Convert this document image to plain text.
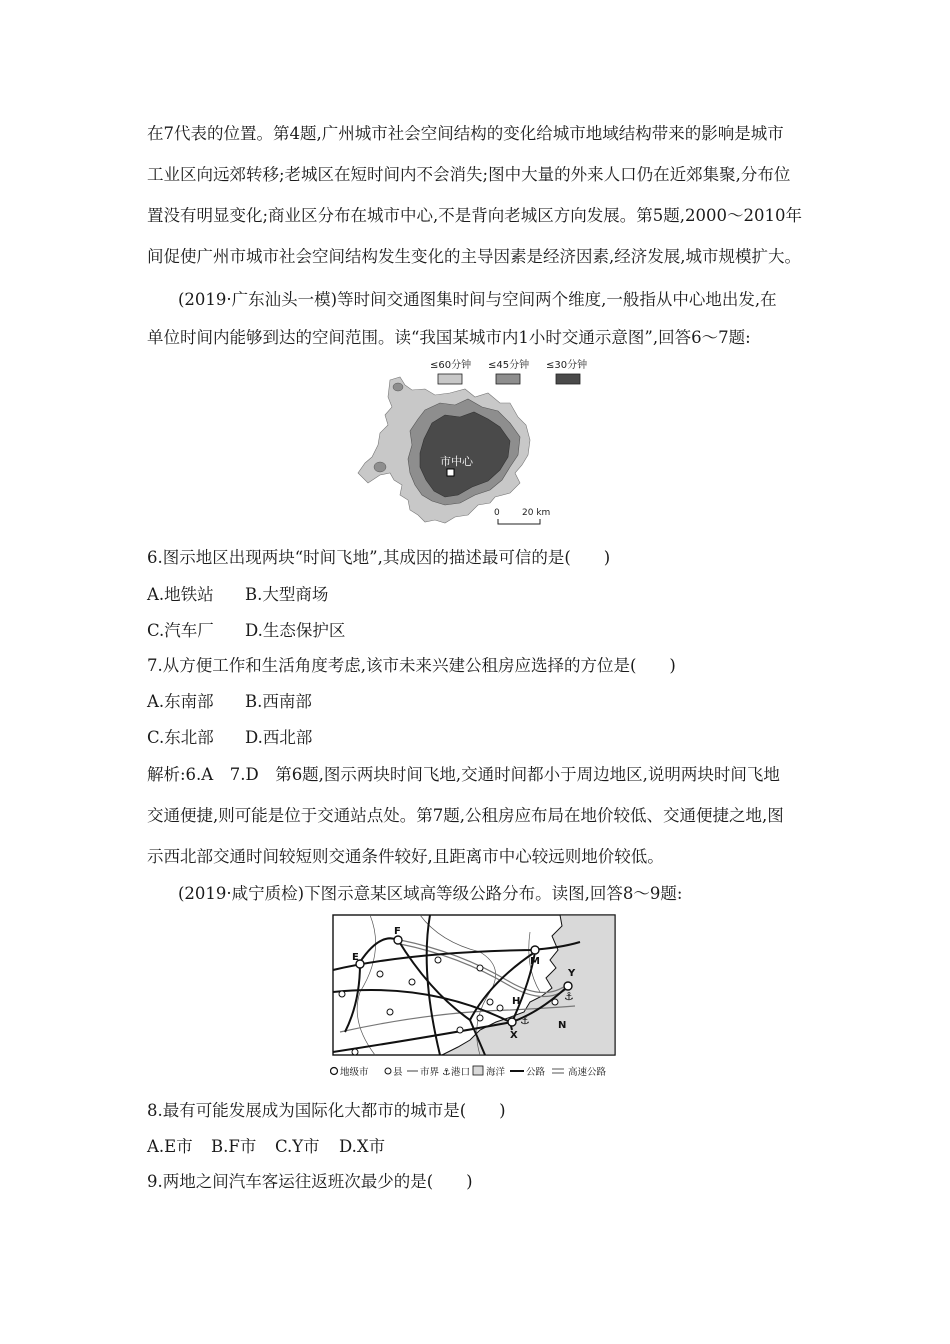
在7代表的位置。第4题,广州城市社会空间结构的变化给城市地域结构带来的影响是城市

工业区向远郊转移;老城区在短时间内不会消失;图中大量的外来人口仍在近郊集聚,分布位

置没有明显变化;商业区分布在城市中心,不是背向老城区方向发展。第5题,2000～2010年

间促使广州市城市社会空间结构发生变化的主导因素是经济因素,经济发展,城市规模扩大。

(2019·广东汕头一模)等时间交通图集时间与空间两个维度,一般指从中心地出发,在
单位时间内能够到达的空间范围。读“我国某城市内1小时交通示意图”,回答6～7题:
≤60分钟 ≤45分钟 ≤30分钟
市中心
0 20 km
6.图示地区出现两块“时间飞地”,其成因的描述最可信的是(　　)
A.地铁站 B.大型商场
C.汽车厂 D.生态保护区
7.从方便工作和生活角度考虑,该市未来兴建公租房应选择的方位是(　　)
A.东南部 B.西南部
C.东北部 D.西北部

解析:6.A　7.D　第6题,图示两块时间飞地,交通时间都小于周边地区,说明两块时间飞地

交通便捷,则可能是位于交通站点处。第7题,公租房应布局在地价较低、交通便捷之地,图

示西北部交通时间较短则交通条件较好,且距离市中心较远则地价较低。

(2019·咸宁质检)下图示意某区域高等级公路分布。读图,回答8～9题:
F
E	M
Y
H
N
X
⚓
⚓
地级市	县 市界 ⚓ 港口 海洋 公路 高速公路
8.最有可能发展成为国际化大都市的城市是(　　)
A.E市 B.F市 C.Y市 D.X市
9.两地之间汽车客运往返班次最少的是(　　)
